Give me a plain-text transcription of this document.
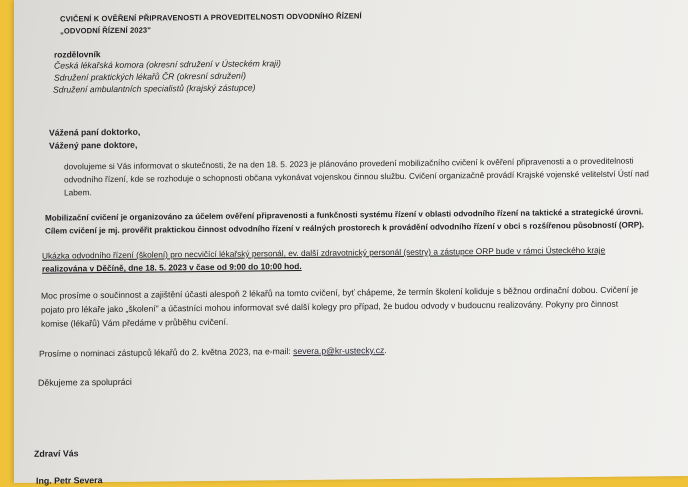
CVIČENÍ K OVĚŘENÍ PŘIPRAVENOSTI A PROVEDITELNOSTI ODVODNÍHO ŘÍZENÍ
„ODVODNÍ ŘÍZENÍ 2023"
rozdělovník
Česká lékařská komora (okresní sdružení v Ústeckém kraji)
Sdružení praktických lékařů ČR (okresní sdružení)
Sdružení ambulantních specialistů (krajský zástupce)
Vážená paní doktorko,
Vážený pane doktore,
dovolujeme si Vás informovat o skutečnosti, že na den 18. 5. 2023 je plánováno provedení mobilizačního cvičení k ověření připravenosti a o proveditelnosti
odvodního řízení, kde se rozhoduje o schopnosti občana vykonávat vojenskou činnou službu. Cvičení organizačně provádí Krajské vojenské velitelství Ústí nad
Labem.
Mobilizační cvičení je organizováno za účelem ověření připravenosti a funkčnosti systému řízení v oblasti odvodního řízení na taktické a strategické úrovni.
Cílem cvičení je mj. prověřit praktickou činnost odvodního řízení v reálných prostorech k provádění odvodního řízení v obci s rozšířenou působností (ORP).
Ukázka odvodního řízení (školení) pro necvičící lékařský personál, ev. další zdravotnický personál (sestry) a zástupce ORP bude v rámci Ústeckého kraje
realizována v Děčíně, dne 18. 5. 2023 v čase od 9:00 do 10:00 hod.
Moc prosíme o součinnost a zajištění účasti alespoň 2 lékařů na tomto cvičení, byť chápeme, že termín školení koliduje s běžnou ordinační dobou. Cvičení je
pojato pro lékaře jako „školení" a účastníci mohou informovat své další kolegy pro případ, že budou odvody v budoucnu realizovány. Pokyny pro činnost
komise (lékařů) Vám předáme v průběhu cvičení.
Prosíme o nominaci zástupců lékařů do 2. května 2023, na e-mail: severa.p@kr-ustecky.cz.
Děkujeme za spolupráci
Zdraví Vás
Ing. Petr Severa
